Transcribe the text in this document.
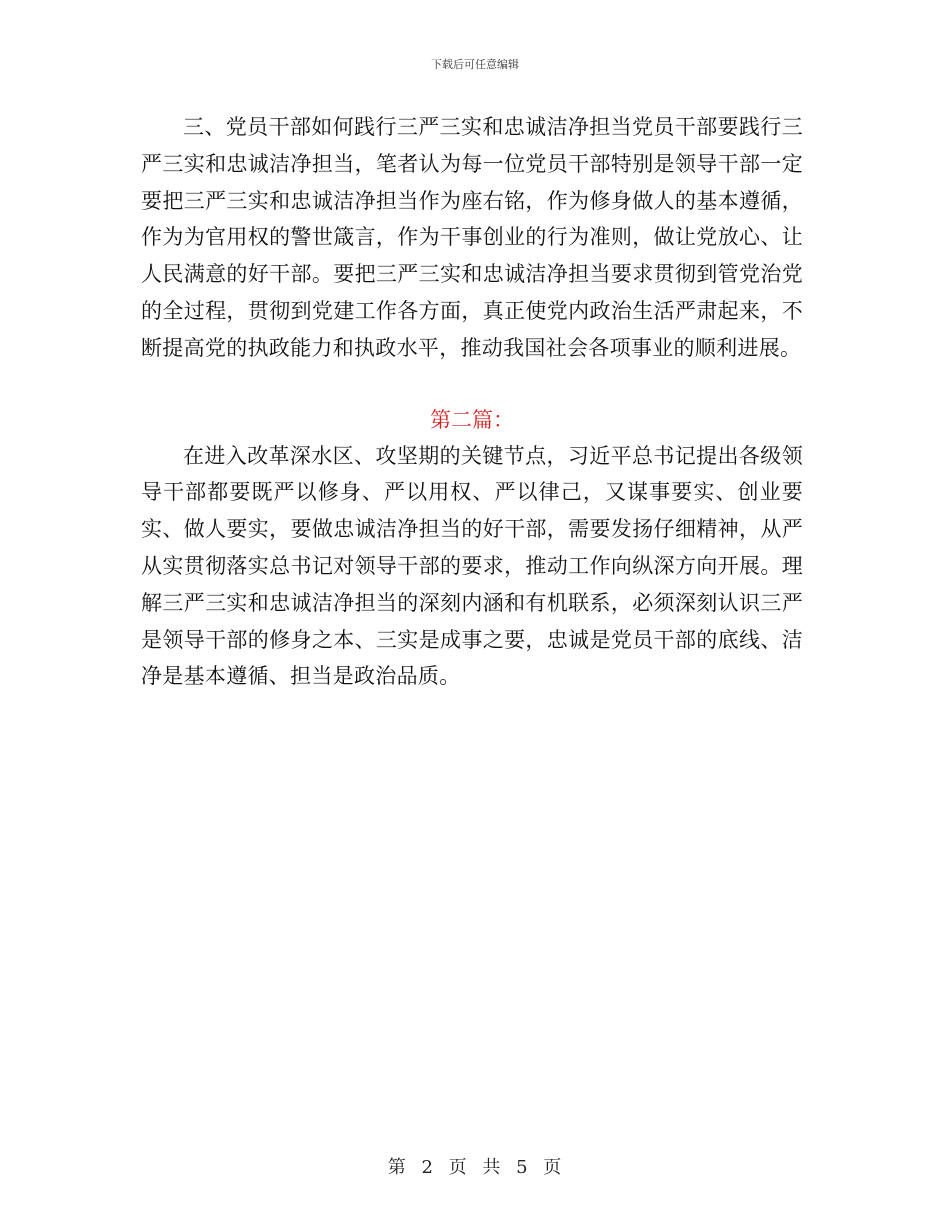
下载后可任意编辑

三、党员干部如何践行三严三实和忠诚洁净担当党员干部要践行三严三实和忠诚洁净担当，笔者认为每一位党员干部特别是领导干部一定要把三严三实和忠诚洁净担当作为座右铭，作为修身做人的基本遵循，作为为官用权的警世箴言，作为干事创业的行为准则，做让党放心、让人民满意的好干部。要把三严三实和忠诚洁净担当要求贯彻到管党治党的全过程，贯彻到党建工作各方面，真正使党内政治生活严肃起来，不断提高党的执政能力和执政水平，推动我国社会各项事业的顺利进展。

第二篇：

在进入改革深水区、攻坚期的关键节点，习近平总书记提出各级领导干部都要既严以修身、严以用权、严以律己，又谋事要实、创业要实、做人要实，要做忠诚洁净担当的好干部，需要发扬仔细精神，从严从实贯彻落实总书记对领导干部的要求，推动工作向纵深方向开展。理解三严三实和忠诚洁净担当的深刻内涵和有机联系，必须深刻认识三严是领导干部的修身之本、三实是成事之要，忠诚是党员干部的底线、洁净是基本遵循、担当是政治品质。

第 2 页 共 5 页
